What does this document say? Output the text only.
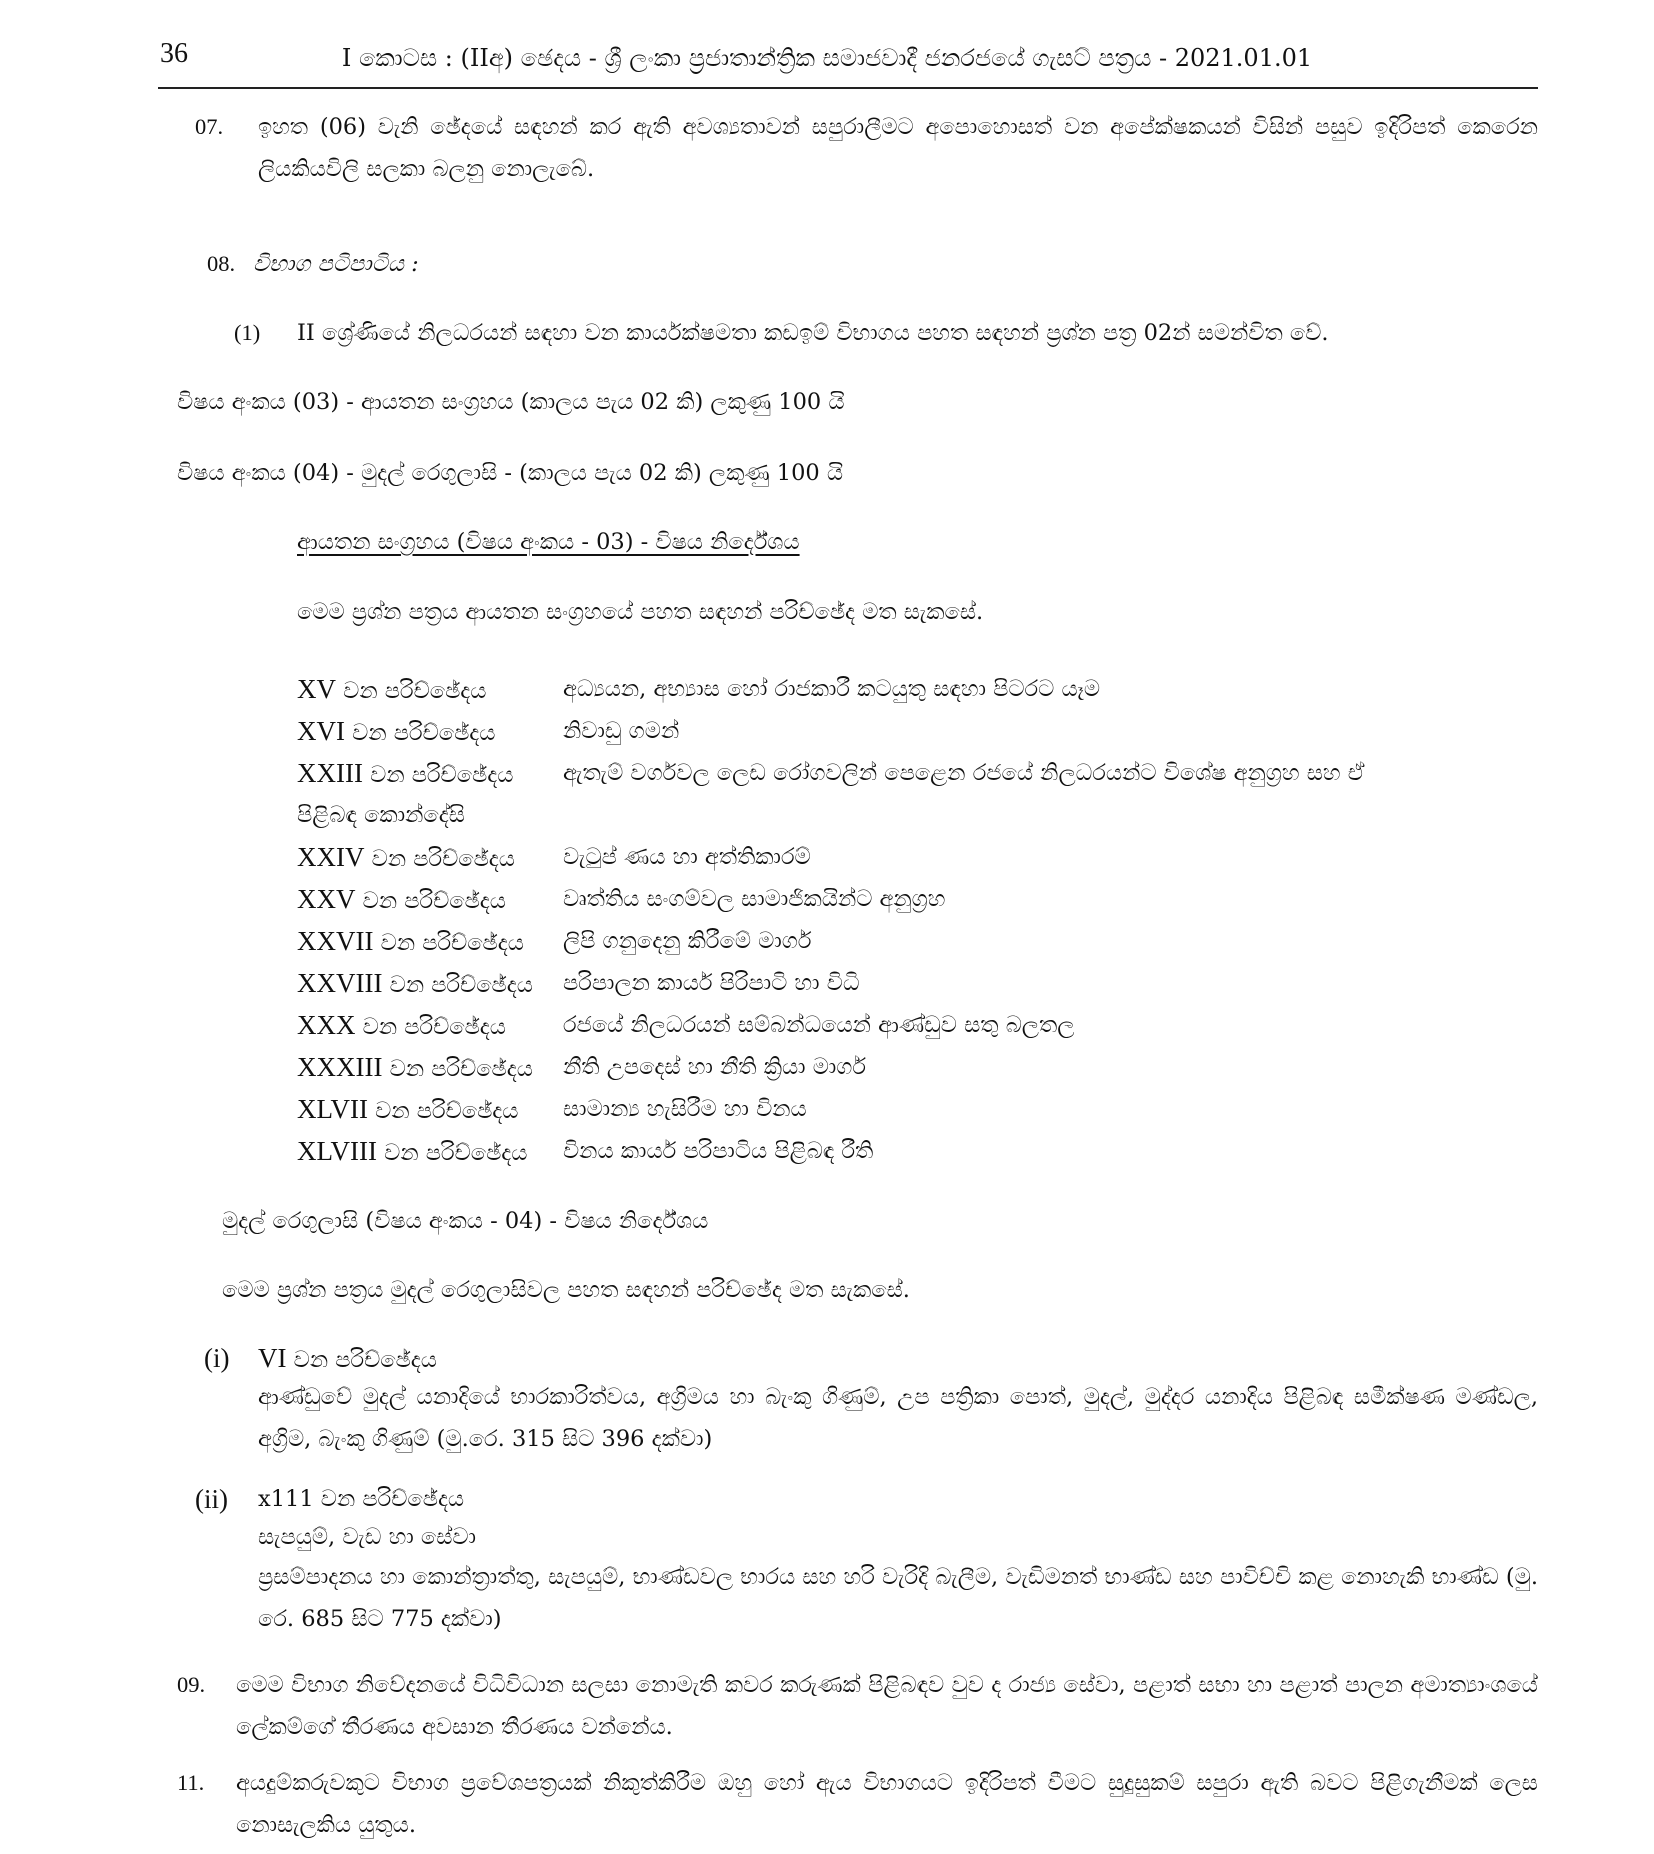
36	I කොටස : (IIඅ) ඡෙදය - ශ්‍රී ලංකා ප්‍රජාතාන්ත්‍රික සමාජවාදී ජනරජයේ ගැසට් පත්‍රය - 2021.01.01
07. ඉහත (06) වැනි ඡේදයේ සඳහන් කර ඇති අවශ්‍යතාවන් සපුරාලීමට අපොහොසත් වන අපේක්ෂකයන් විසින් පසුව ඉදිරිපත් කෙරෙන ලියකියවිලි සලකා බලනු නොලැබේ.
08. විභාග පටිපාටිය :
(1) II ශ්‍රේණියේ නිලධරයන් සඳහා වන කාර්යක්ෂමතා කඩඉම් විභාගය පහත සඳහන් ප්‍රශ්න පත්‍ර 02න් සමන්විත වේ.
විෂය අංකය (03) - ආයතන සංග්‍රහය (කාලය පැය 02 කි) ලකුණු 100 යි
විෂය අංකය (04) - මුදල් රෙගුලාසි - (කාලය පැය 02 කි) ලකුණු 100 යි
ආයතන සංග්‍රහය (විෂය අංකය - 03) - විෂය නිර්දේශය
මෙම ප්‍රශ්න පත්‍රය ආයතන සංග්‍රහයේ පහත සඳහන් පරිච්ඡේද මත සැකසේ.
XV වන පරිච්ඡේදය	අධ්‍යයන, අභ්‍යාස හෝ රාජකාරී කටයුතු සඳහා පිටරට යෑම
XVI වන පරිච්ඡේදය	නිවාඩු ගමන්
XXIII වන පරිච්ඡේදය ඇතැම් වර්ගවල ලෙඩ රෝගවලින් පෙළෙන රජයේ නිලධරයන්ට විශේෂ අනුග්‍රහ සහ ඒ
පිළිබඳ කොන්දේසි
XXIV වන පරිච්ඡේදය වැටුප් ණය හා අත්තිකාරම්
XXV වන පරිච්ඡේදය	වෘත්තිය සංගම්වල සාමාජිකයින්ට අනුග්‍රහ
XXVII වන පරිච්ඡේදය ලිපි ගනුදෙනු කිරීමේ මාර්ග
XXVIII වන පරිච්ඡේදය පරිපාලන කාර්ය පිරිපාටි හා විධි
XXX වන පරිච්ඡේදය	රජයේ නිලධරයන් සම්බන්ධයෙන් ආණ්ඩුව සතු බලතල
XXXIII වන පරිච්ඡේදය නීති උපදෙස් හා නීති ක්‍රියා මාර්ග
XLVII වන පරිච්ඡේදය සාමාන්‍ය හැසිරීම හා විනය
XLVIII වන පරිච්ඡේදය විනය කාර්ය පරිපාටිය පිළිබඳ රීති
මුදල් රෙගුලාසි (විෂය අංකය - 04) - විෂය නිර්දේශය
මෙම ප්‍රශ්න පත්‍රය මුදල් රෙගුලාසිවල පහත සඳහන් පරිච්ඡේද මත සැකසේ.
(i) VI වන පරිච්ඡේදය
ආණ්ඩුවේ මුදල් යනාදියේ භාරකාරිත්වය, අග්‍රිමය හා බැංකු ගිණුම්, උප පත්‍රිකා පොත්, මුදල්, මුද්දර යනාදිය පිළිබඳ සමීක්ෂණ මණ්ඩල, අග්‍රිම, බැංකු ගිණුම් (මු.රෙ. 315 සිට 396 දක්වා)
(ii) x111 වන පරිච්ඡේදය
සැපයුම්, වැඩ හා සේවා
ප්‍රසම්පාදනය හා කොන්ත්‍රාත්තු, සැපයුම්, භාණ්ඩවල භාරය සහ හරි වැරිදි බැලීම, වැඩිමනත් භාණ්ඩ සහ පාවිච්චි කළ නොහැකි භාණ්ඩ (මු. රෙ. 685 සිට 775 දක්වා)
09. මෙම විභාග නිවේදනයේ විධිවිධාන සලසා නොමැති කවර කරුණක් පිළිබඳව වුව ද රාජ්‍ය සේවා, පළාත් සභා හා පළාත් පාලන අමාත්‍යාංශයේ ලේකම්ගේ තීරණය අවසාන තීරණය වන්නේය.
11. අයදුම්කරුවකුට විභාග ප්‍රවේශපත්‍රයක් නිකුත්කිරීම ඔහු හෝ ඇය විභාගයට ඉදිරිපත් වීමට සුදුසුකම් සපුරා ඇති බවට පිළිගැනීමක් ලෙස නොසැලකිය යුතුය.
